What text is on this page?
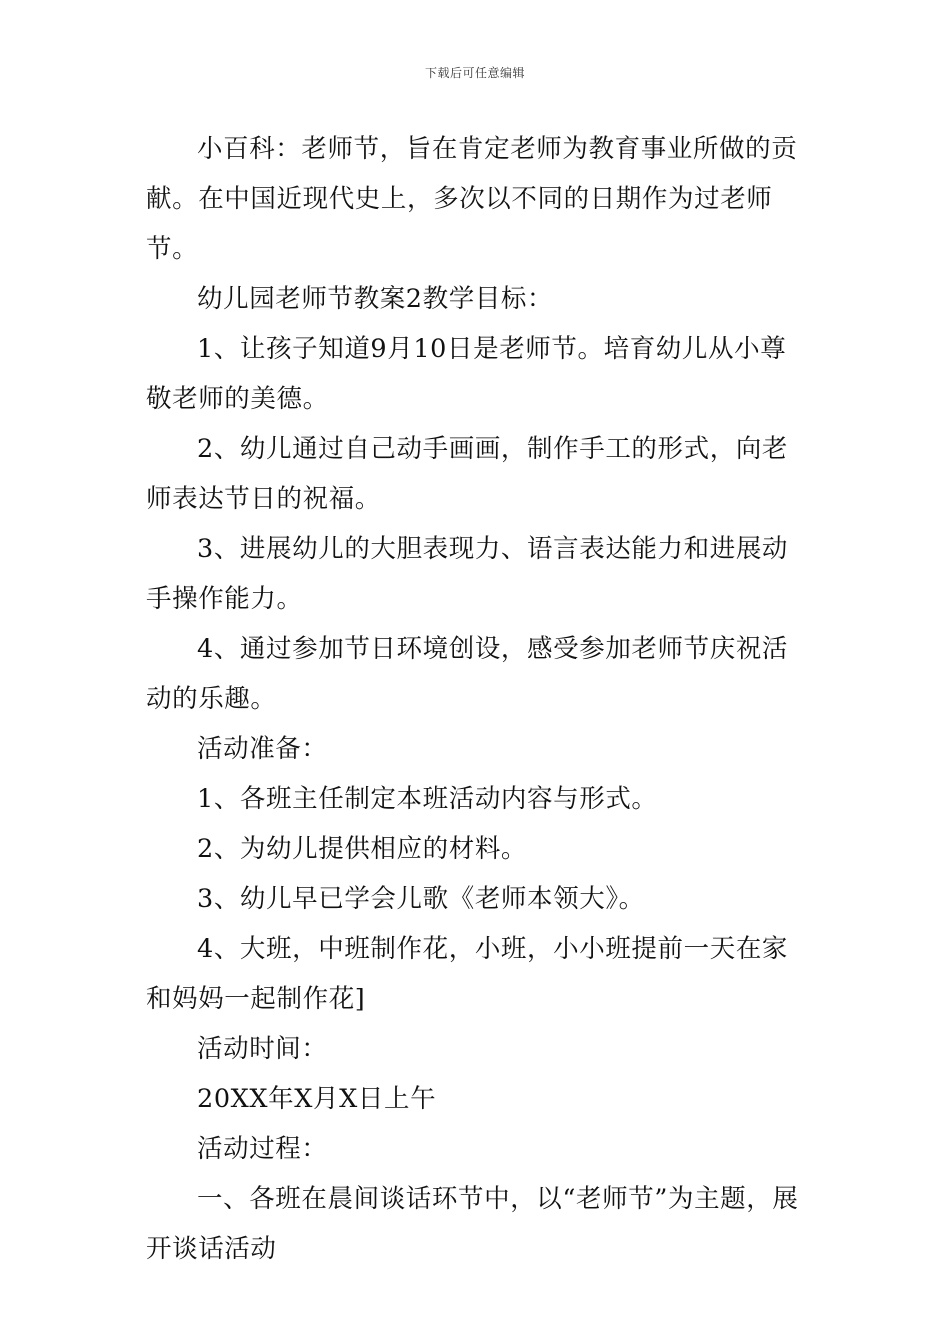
下载后可任意编辑

小百科：老师节，旨在肯定老师为教育事业所做的贡献。在中国近现代史上，多次以不同的日期作为过老师节。

幼儿园老师节教案2教学目标：

1、让孩子知道9月10日是老师节。培育幼儿从小尊敬老师的美德。

2、幼儿通过自己动手画画，制作手工的形式，向老师表达节日的祝福。

3、进展幼儿的大胆表现力、语言表达能力和进展动手操作能力。

4、通过参加节日环境创设，感受参加老师节庆祝活动的乐趣。

活动准备：

1、各班主任制定本班活动内容与形式。

2、为幼儿提供相应的材料。

3、幼儿早已学会儿歌《老师本领大》。

4、大班，中班制作花，小班，小小班提前一天在家和妈妈一起制作花]

活动时间：

20XX年X月X日上午

活动过程：

一、各班在晨间谈话环节中，以“老师节”为主题，展开谈话活动
